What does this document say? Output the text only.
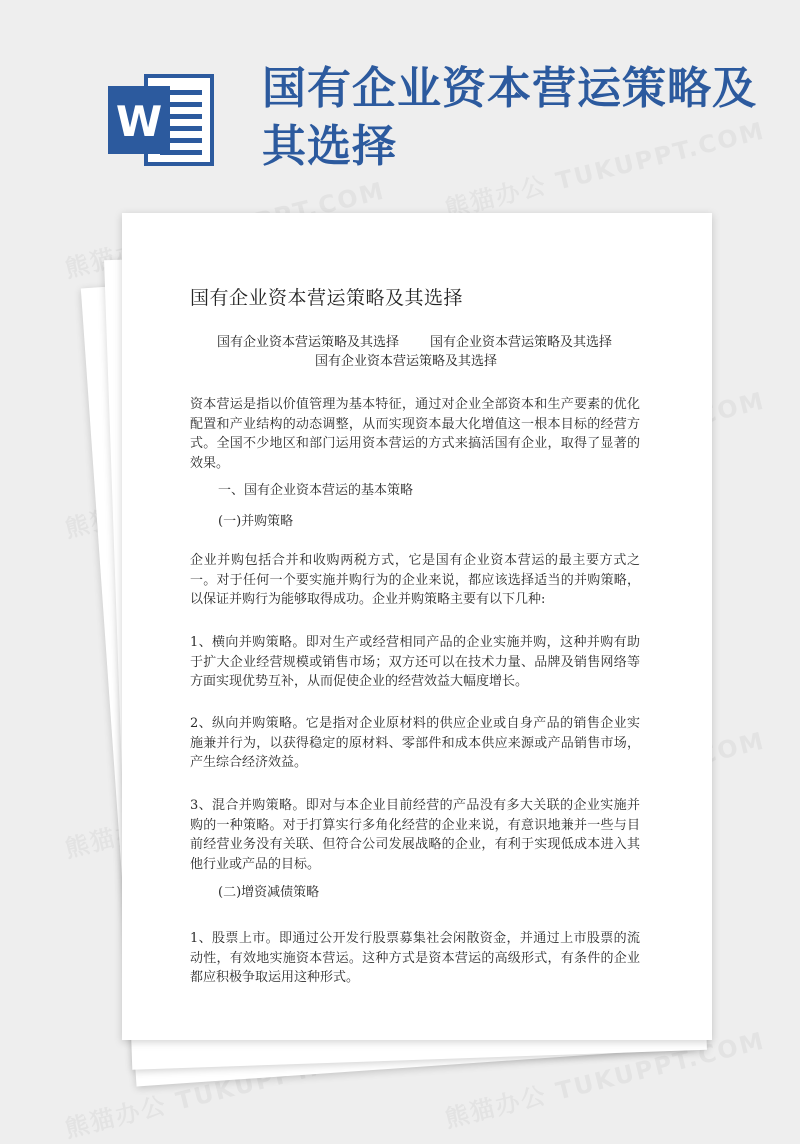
W
国有企业资本营运策略及其选择
国有企业资本营运策略及其选择
国有企业资本营运策略及其选择 国有企业资本营运策略及其选择
国有企业资本营运策略及其选择

资本营运是指以价值管理为基本特征，通过对企业全部资本和生产要素的优化配置和产业结构的动态调整，从而实现资本最大化增值这一根本目标的经营方式。全国不少地区和部门运用资本营运的方式来搞活国有企业，取得了显著的效果。

一、国有企业资本营运的基本策略
(一)并购策略

企业并购包括合并和收购两税方式，它是国有企业资本营运的最主要方式之一。对于任何一个要实施并购行为的企业来说，都应该选择适当的并购策略，以保证并购行为能够取得成功。企业并购策略主要有以下几种:

1、横向并购策略。即对生产或经营相同产品的企业实施并购，这种并购有助于扩大企业经营规模或销售市场；双方还可以在技术力量、品牌及销售网络等方面实现优势互补，从而促使企业的经营效益大幅度增长。

2、纵向并购策略。它是指对企业原材料的供应企业或自身产品的销售企业实施兼并行为，以获得稳定的原材料、零部件和成本供应来源或产品销售市场，产生综合经济效益。

3、混合并购策略。即对与本企业目前经营的产品没有多大关联的企业实施并购的一种策略。对于打算实行多角化经营的企业来说，有意识地兼并一些与目前经营业务没有关联、但符合公司发展战略的企业，有利于实现低成本进入其他行业或产品的目标。

(二)增资减债策略

1、股票上市。即通过公开发行股票募集社会闲散资金，并通过上市股票的流动性，有效地实施资本营运。这种方式是资本营运的高级形式，有条件的企业都应积极争取运用这种形式。
